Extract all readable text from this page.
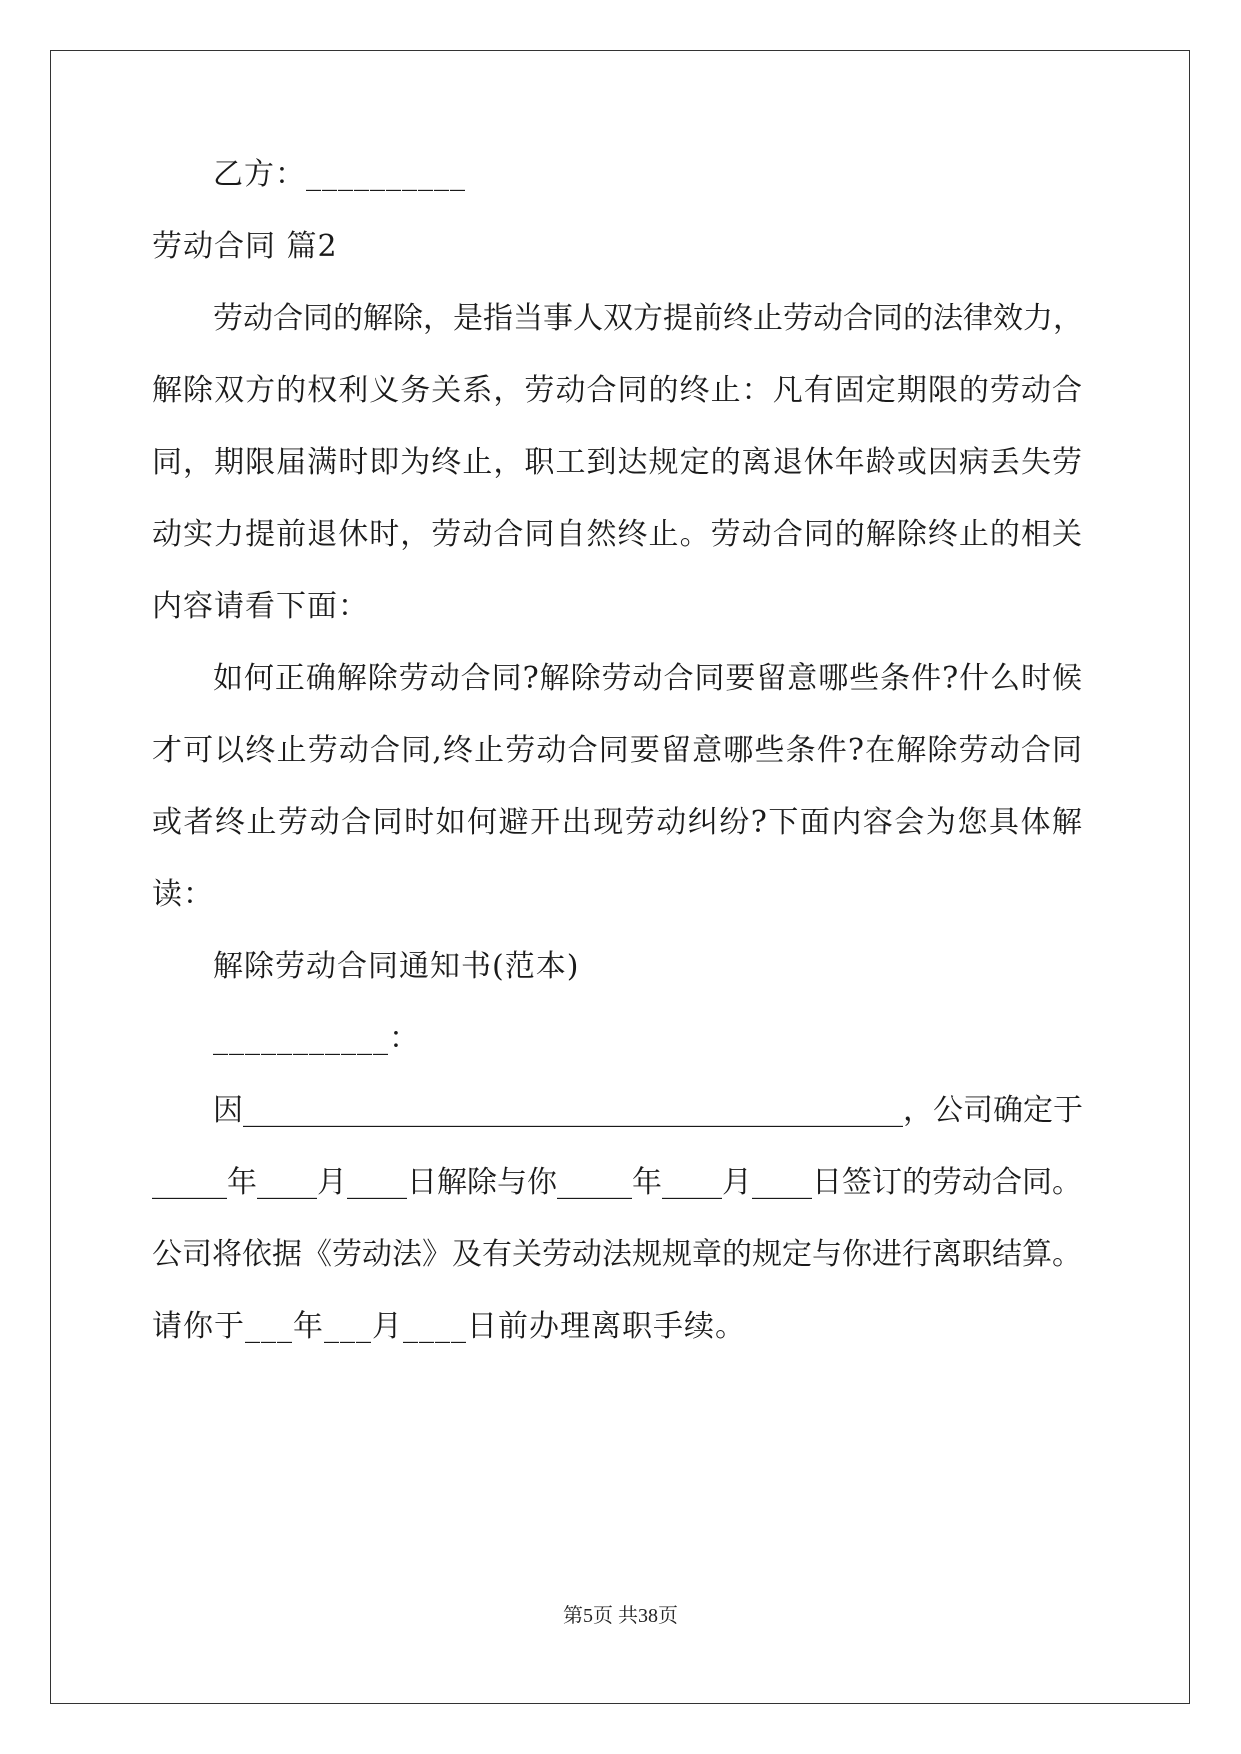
乙方：__________
劳动合同 篇2
劳动合同的解除，是指当事人双方提前终止劳动合同的法律效力，
解除双方的权利义务关系，劳动合同的终止：凡有固定期限的劳动合
同，期限届满时即为终止，职工到达规定的离退休年龄或因病丢失劳
动实力提前退休时，劳动合同自然终止。劳动合同的解除终止的相关
内容请看下面：
如何正确解除劳动合同?解除劳动合同要留意哪些条件?什么时候
才可以终止劳动合同,终止劳动合同要留意哪些条件?在解除劳动合同
或者终止劳动合同时如何避开出现劳动纠纷?下面内容会为您具体解
读：
解除劳动合同通知书(范本)
___________：
因____________________________________________，公司确定于
_____年____月____日解除与你_____年____月____日签订的劳动合同。
公司将依据《劳动法》及有关劳动法规规章的规定与你进行离职结算。
请你于___年___月____日前办理离职手续。
第5页 共38页
